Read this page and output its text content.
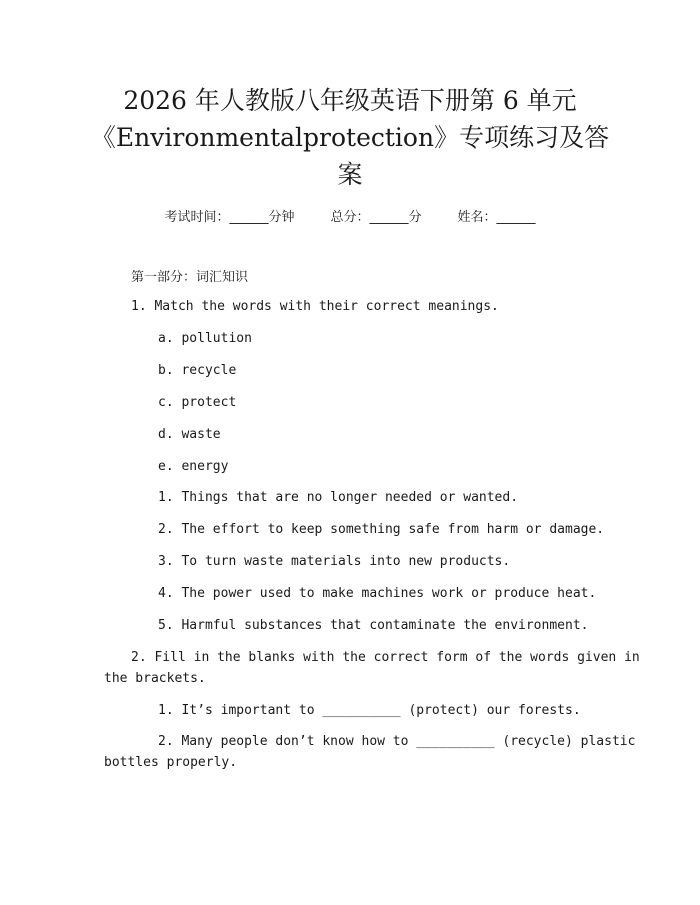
2026 年人教版八年级英语下册第 6 单元
《Environmentalprotection》专项练习及答
案
考试时间：______分钟	总分：______分	姓名：______
第一部分：词汇知识
1. Match the words with their correct meanings.
a. pollution
b. recycle
c. protect
d. waste
e. energy
1. Things that are no longer needed or wanted.
2. The effort to keep something safe from harm or damage.
3. To turn waste materials into new products.
4. The power used to make machines work or produce heat.
5. Harmful substances that contaminate the environment.
2. Fill in the blanks with the correct form of the words given in
the brackets.
1. It’s important to __________ (protect) our forests.
2. Many people don’t know how to __________ (recycle) plastic
bottles properly.
